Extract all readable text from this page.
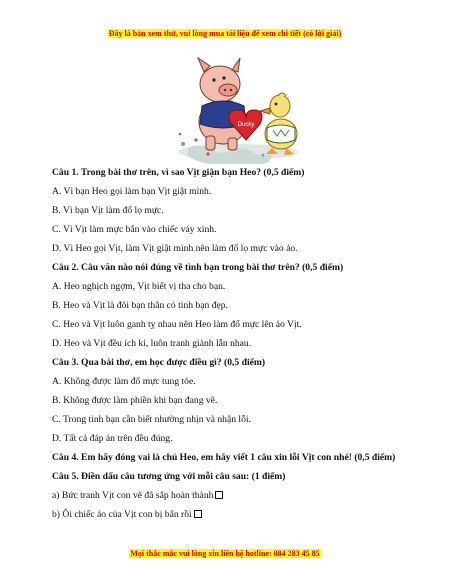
Đây là bản xem thử, vui lòng mua tài liệu để xem chi tiết (có lời giải)
Ducky

Câu 1. Trong bài thơ trên, vì sao Vịt giận bạn Heo? (0,5 điểm)

A. Vì bạn Heo gọi làm bạn Vịt giật mình.

B. Vì bạn Vịt làm đổ lọ mực.

C. Vì Vịt làm mực bắn vào chiếc váy xinh.

D. Vì Heo gọi Vịt, làm Vịt giật mình nên làm đổ lọ mực vào áo.

Câu 2. Câu văn nào nói đúng về tình bạn trong bài thơ trên? (0,5 điểm)

A. Heo nghịch ngợm, Vịt biết vị tha cho bạn.

B. Heo và Vịt là đôi bạn thân có tình bạn đẹp.

C. Heo và Vịt luôn ganh tỵ nhau nên Heo làm đổ mực lên áo Vịt.

D. Heo và Vịt đều ích kỉ, luôn tranh giành lẫn nhau.

Câu 3. Qua bài thơ, em học được điều gì? (0,5 điểm)

A. Không được làm đổ mực tung tóe.

B. Không được làm phiền khi bạn đang vẽ.

C. Trong tình bạn cần biết nhường nhịn và nhận lỗi.

D. Tất cả đáp án trên đều đúng.

Câu 4. Em hãy đóng vai là chú Heo, em hãy viết 1 câu xin lỗi Vịt con nhé! (0,5 điểm)

Câu 5. Điền dấu câu tương ứng với mỗi câu sau: (1 điểm)

a) Bức tranh Vịt con vẽ đã sắp hoàn thành

b) Ôi chiếc áo của Vịt con bị bẩn rồi

Mọi thắc mắc vui lòng xin liên hệ hotline: 084 283 45 85
